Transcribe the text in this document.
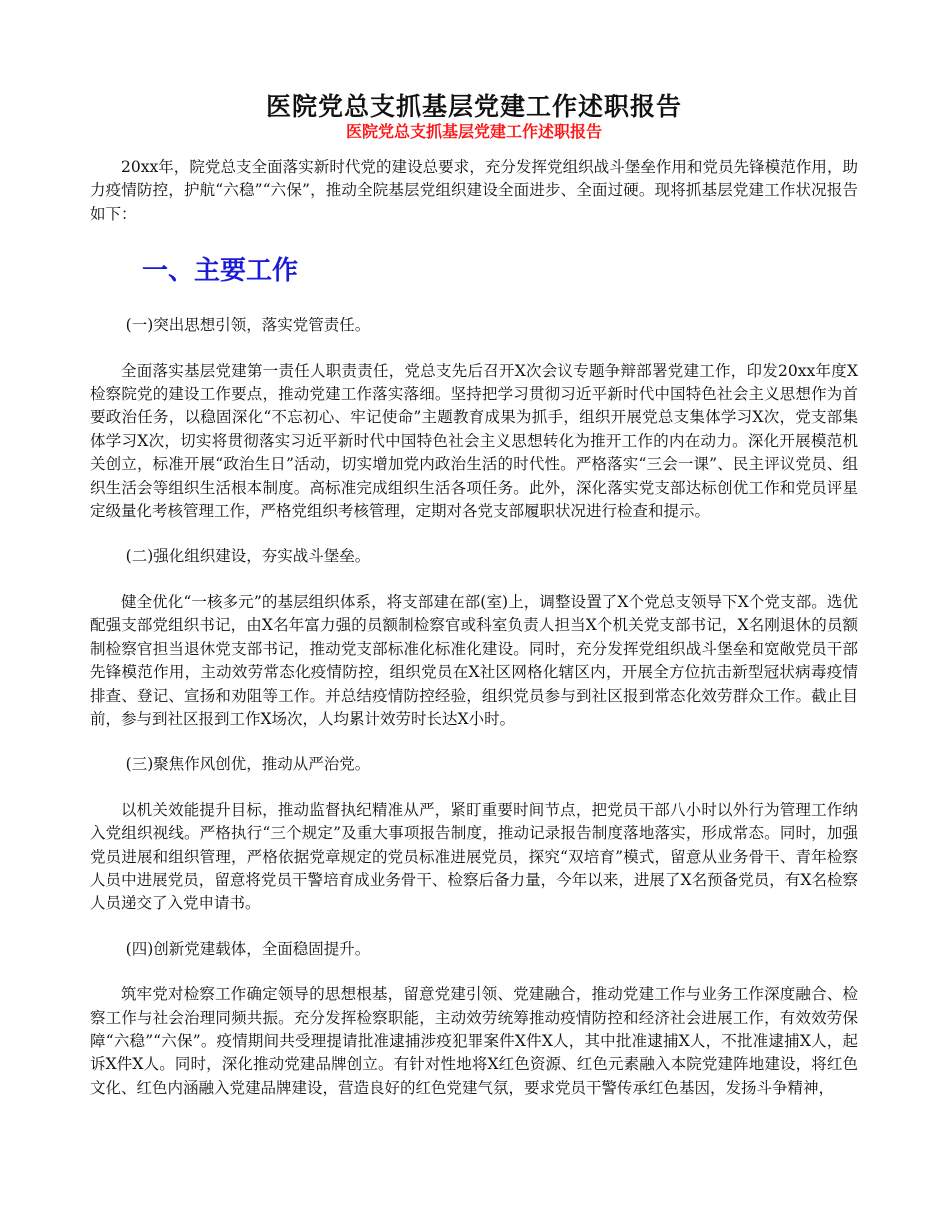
医院党总支抓基层党建工作述职报告
医院党总支抓基层党建工作述职报告

20xx年，院党总支全面落实新时代党的建设总要求，充分发挥党组织战斗堡垒作用和党员先锋模范作用，助力疫情防控，护航“六稳”“六保”，推动全院基层党组织建设全面进步、全面过硬。现将抓基层党建工作状况报告如下：

一、主要工作
(一)突出思想引领，落实党管责任。

全面落实基层党建第一责任人职责责任，党总支先后召开X次会议专题争辩部署党建工作，印发20xx年度X检察院党的建设工作要点，推动党建工作落实落细。坚持把学习贯彻习近平新时代中国特色社会主义思想作为首要政治任务，以稳固深化“不忘初心、牢记使命”主题教育成果为抓手，组织开展党总支集体学习X次，党支部集体学习X次，切实将贯彻落实习近平新时代中国特色社会主义思想转化为推开工作的内在动力。深化开展模范机关创立，标准开展“政治生日”活动，切实增加党内政治生活的时代性。严格落实“三会一课”、民主评议党员、组织生活会等组织生活根本制度。高标准完成组织生活各项任务。此外，深化落实党支部达标创优工作和党员评星定级量化考核管理工作，严格党组织考核管理，定期对各党支部履职状况进行检查和提示。

(二)强化组织建设，夯实战斗堡垒。

健全优化“一核多元”的基层组织体系，将支部建在部(室)上，调整设置了X个党总支领导下X个党支部。选优配强支部党组织书记，由X名年富力强的员额制检察官或科室负责人担当X个机关党支部书记，X名刚退休的员额制检察官担当退休党支部书记，推动党支部标准化标准化建设。同时，充分发挥党组织战斗堡垒和宽敞党员干部先锋模范作用，主动效劳常态化疫情防控，组织党员在X社区网格化辖区内，开展全方位抗击新型冠状病毒疫情排查、登记、宣扬和劝阻等工作。并总结疫情防控经验，组织党员参与到社区报到常态化效劳群众工作。截止目前，参与到社区报到工作X场次，人均累计效劳时长达X小时。

(三)聚焦作风创优，推动从严治党。

以机关效能提升目标，推动监督执纪精准从严，紧盯重要时间节点，把党员干部八小时以外行为管理工作纳入党组织视线。严格执行“三个规定”及重大事项报告制度，推动记录报告制度落地落实，形成常态。同时，加强党员进展和组织管理，严格依据党章规定的党员标准进展党员，探究“双培育”模式，留意从业务骨干、青年检察人员中进展党员，留意将党员干警培育成业务骨干、检察后备力量，今年以来，进展了X名预备党员，有X名检察人员递交了入党申请书。

(四)创新党建载体，全面稳固提升。

筑牢党对检察工作确定领导的思想根基，留意党建引领、党建融合，推动党建工作与业务工作深度融合、检察工作与社会治理同频共振。充分发挥检察职能，主动效劳统筹推动疫情防控和经济社会进展工作，有效效劳保障“六稳”“六保”。疫情期间共受理提请批准逮捕涉疫犯罪案件X件X人，其中批准逮捕X人，不批准逮捕X人，起诉X件X人。同时，深化推动党建品牌创立。有针对性地将X红色资源、红色元素融入本院党建阵地建设，将红色文化、红色内涵融入党建品牌建设，营造良好的红色党建气氛，要求党员干警传承红色基因，发扬斗争精神，
